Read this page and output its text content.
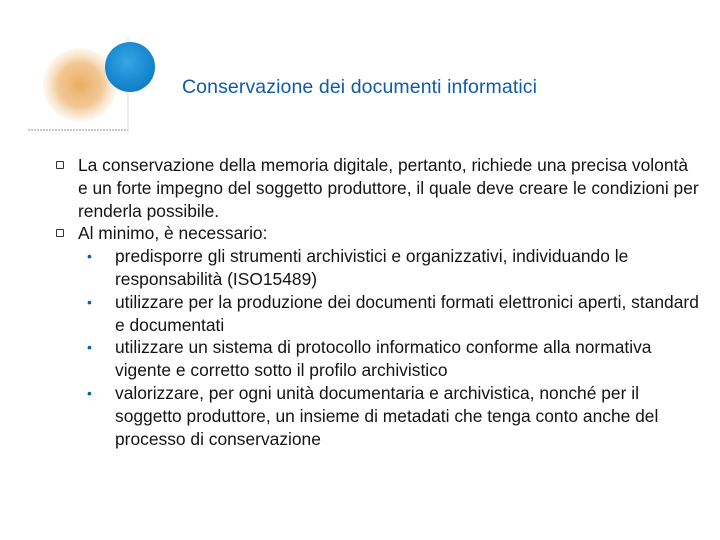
Conservazione dei documenti informatici

La conservazione della memoria digitale, pertanto, richiede una precisa volontà e un forte impegno del soggetto produttore, il quale deve creare le condizioni per renderla possibile.

Al minimo, è necessario:

• predisporre gli strumenti archivistici e organizzativi, individuando le responsabilità (ISO15489)
• utilizzare per la produzione dei documenti formati elettronici aperti, standard e documentati
• utilizzare un sistema di protocollo informatico conforme alla normativa vigente e corretto sotto il profilo archivistico
• valorizzare, per ogni unità documentaria e archivistica, nonché per il soggetto produttore, un insieme di metadati che tenga conto anche del processo di conservazione
